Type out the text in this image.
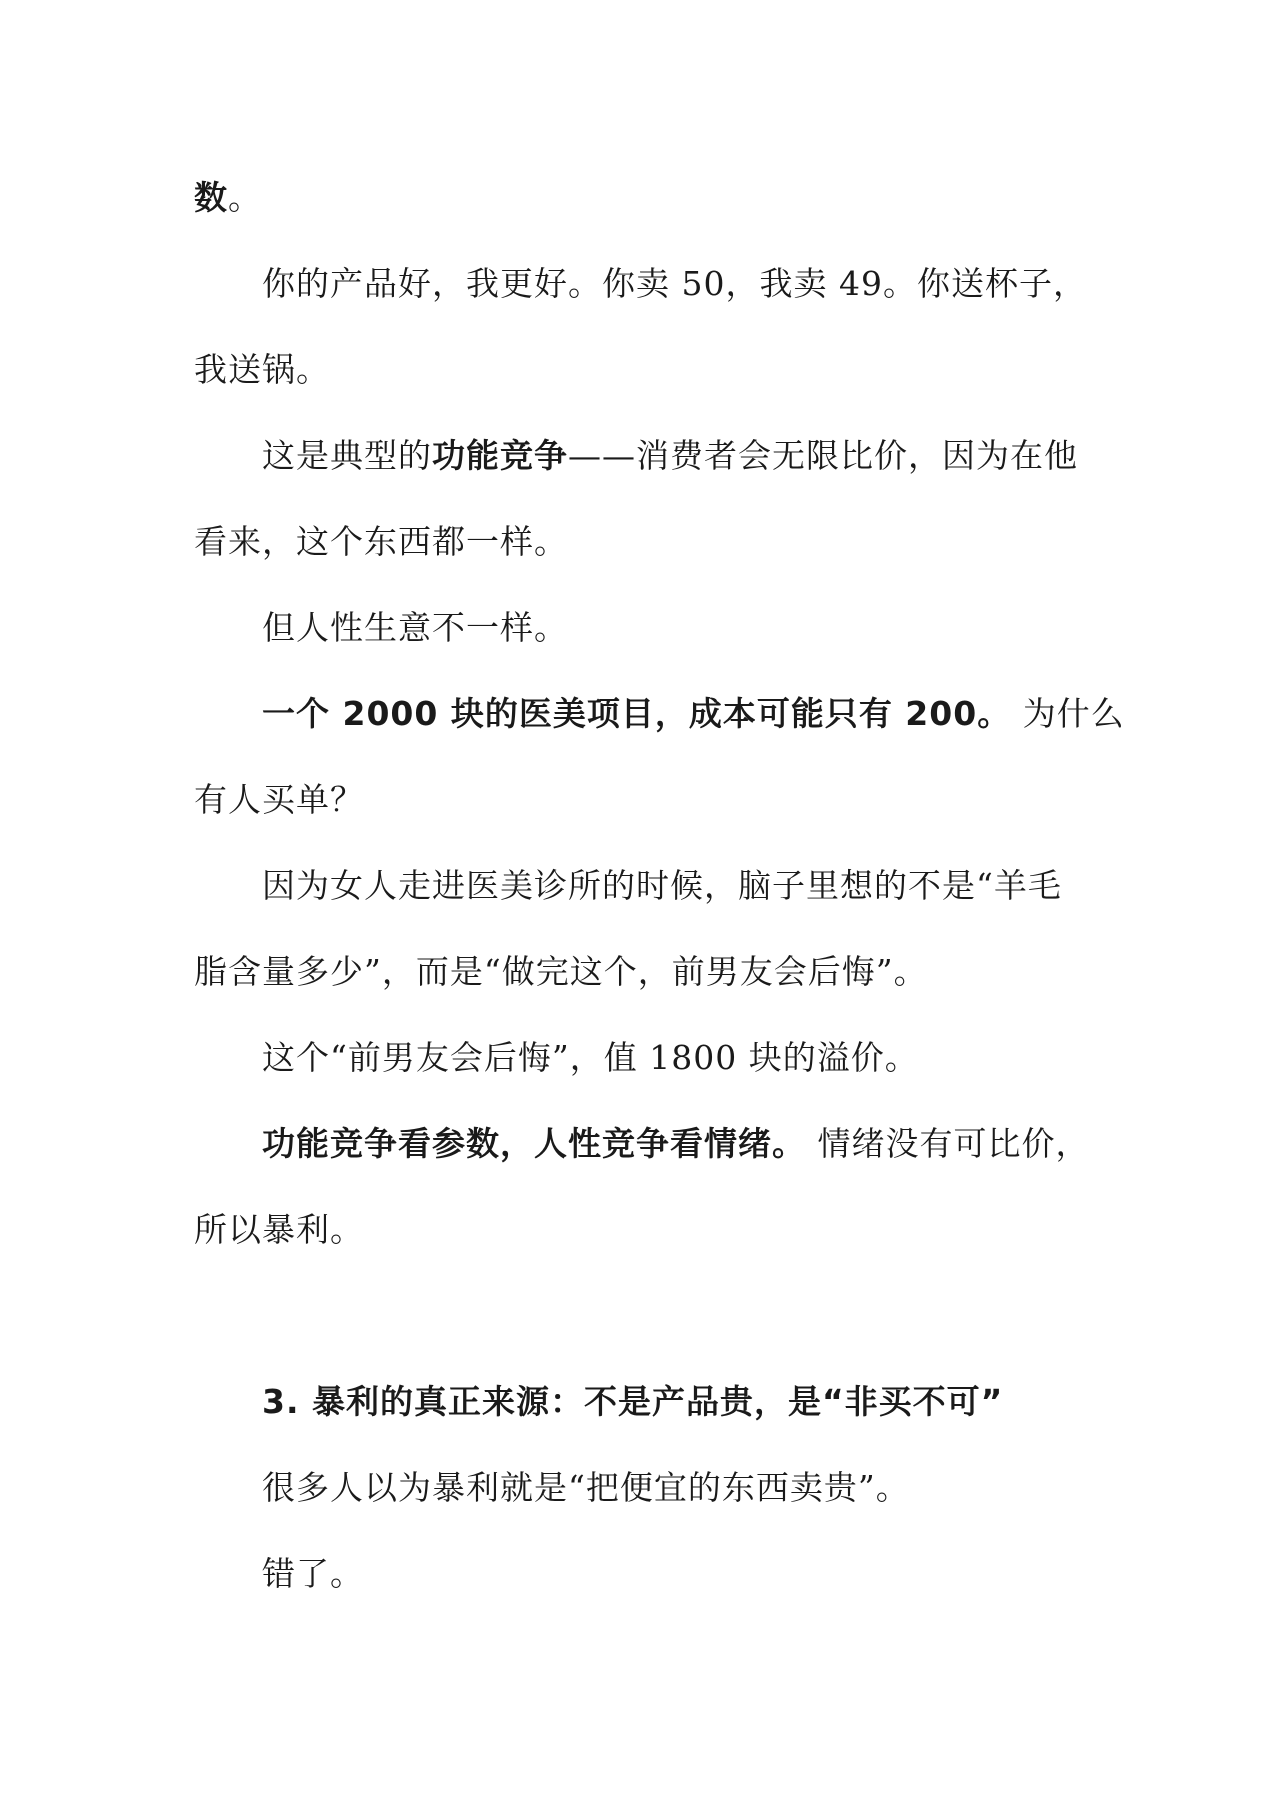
数。
你的产品好，我更好。你卖 50，我卖 49。你送杯子，
我送锅。
这是典型的功能竞争——消费者会无限比价，因为在他
看来，这个东西都一样。
但人性生意不一样。
一个 2000 块的医美项目，成本可能只有 200。 为什么
有人买单？
因为女人走进医美诊所的时候，脑子里想的不是“羊毛
脂含量多少”，而是“做完这个，前男友会后悔”。
这个“前男友会后悔”，值 1800 块的溢价。
功能竞争看参数，人性竞争看情绪。 情绪没有可比价，
所以暴利。
3. 暴利的真正来源：不是产品贵，是“非买不可”
很多人以为暴利就是“把便宜的东西卖贵”。
错了。
